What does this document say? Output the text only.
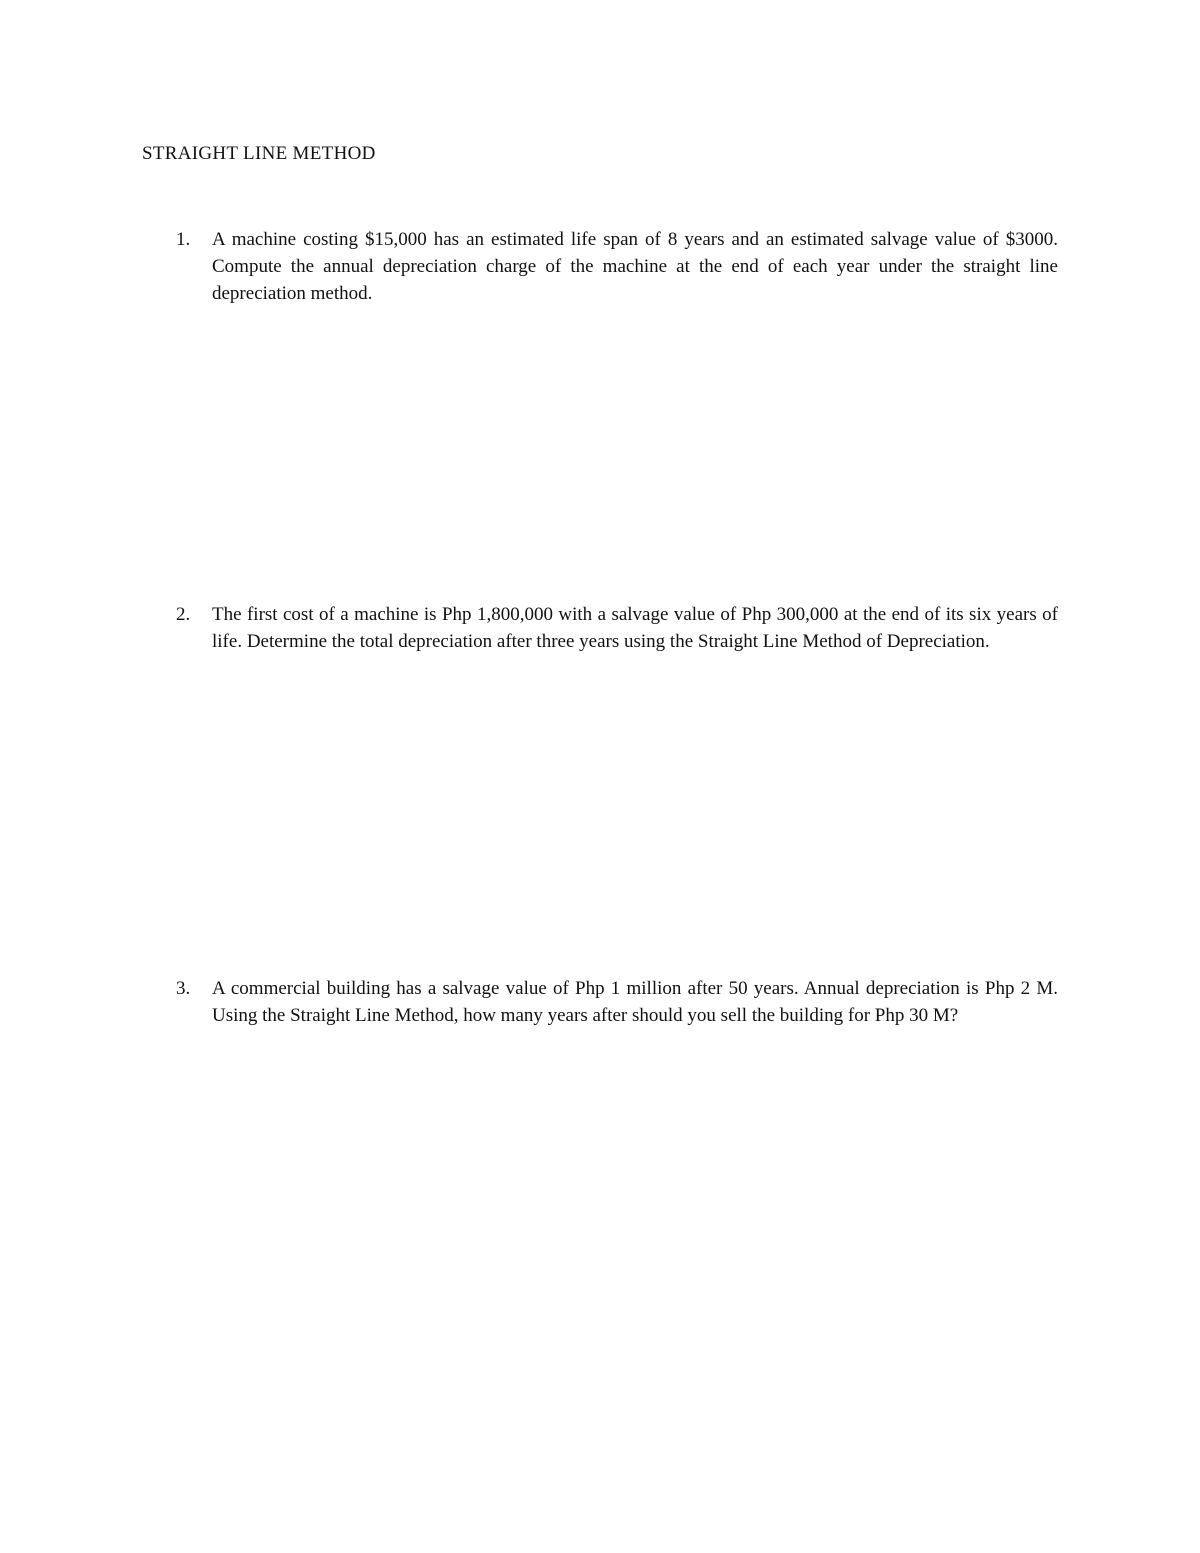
STRAIGHT LINE METHOD
1. A machine costing $15,000 has an estimated life span of 8 years and an estimated salvage value of $3000. Compute the annual depreciation charge of the machine at the end of each year under the straight line depreciation method.
2. The first cost of a machine is Php 1,800,000 with a salvage value of Php 300,000 at the end of its six years of life. Determine the total depreciation after three years using the Straight Line Method of Depreciation.
3. A commercial building has a salvage value of Php 1 million after 50 years. Annual depreciation is Php 2 M. Using the Straight Line Method, how many years after should you sell the building for Php 30 M?
